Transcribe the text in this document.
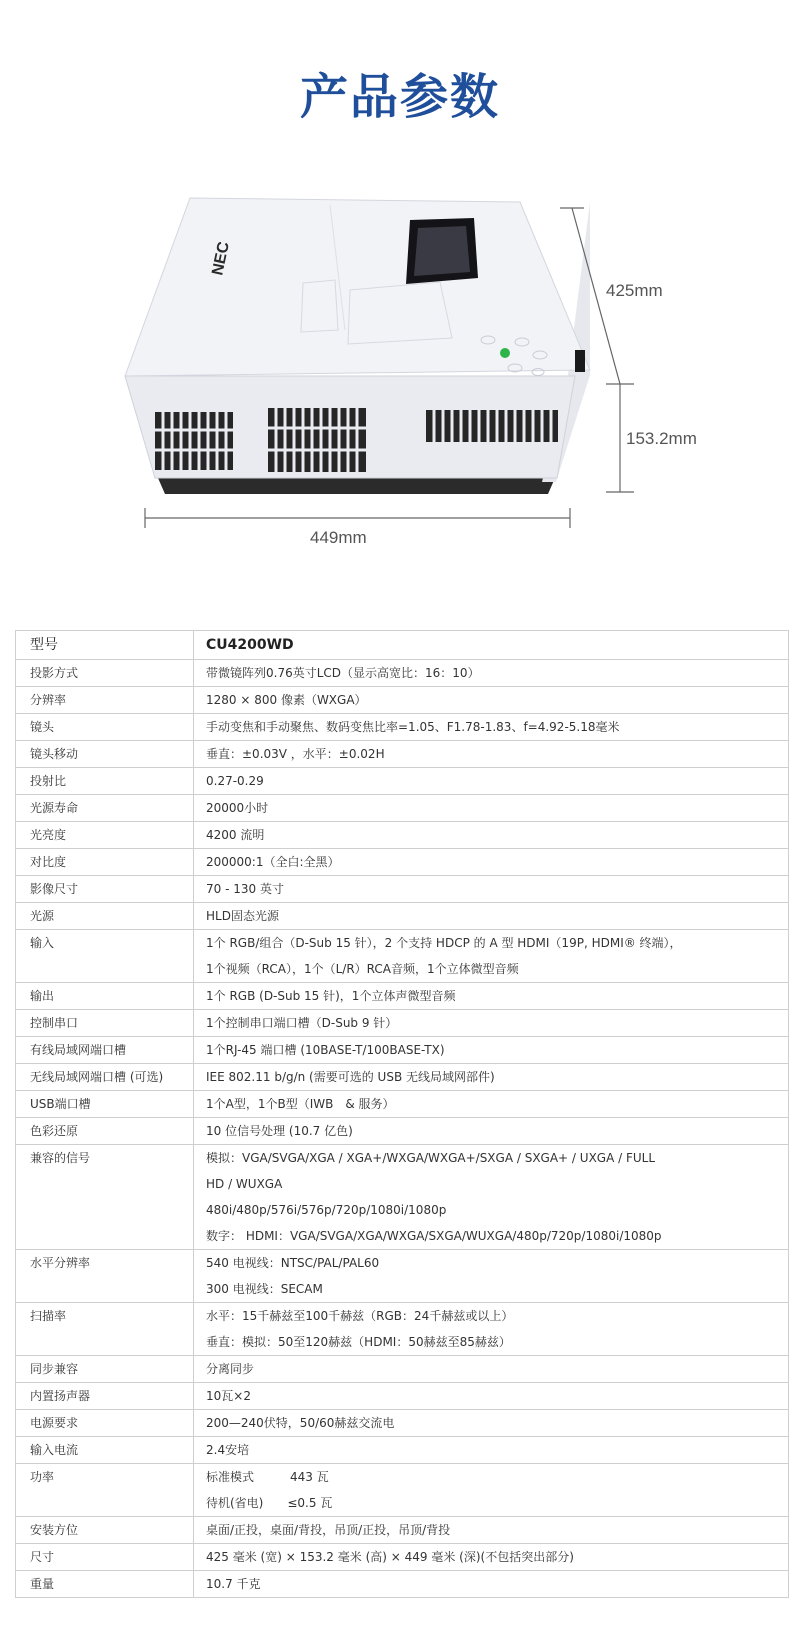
产品参数
NEC
425mm
153.2mm
449mm
型号	CU4200WD
投影方式	带微镜阵列0.76英寸LCD（显示高宽比：16：10）

分辨率	1280 × 800 像素（WXGA）

镜头	手动变焦和手动聚焦、数码变焦比率=1.05、F1.78-1.83、f=4.92-5.18毫米

镜头移动	垂直：±0.03V ，水平：±0.02H

投射比	0.27-0.29

光源寿命	20000小时

光亮度	4200 流明

对比度	200000:1（全白:全黑）

影像尺寸	70 - 130 英寸

光源	HLD固态光源

输入	1个 RGB/组合（D-Sub 15 针），2 个支持 HDCP 的 A 型 HDMI（19P, HDMI® 终端），
1个视频（RCA），1个（L/R）RCA音频，1个立体微型音频

输出	1个 RGB (D-Sub 15 针)，1个立体声微型音频

控制串口	1个控制串口端口槽（D-Sub 9 针）

有线局域网端口槽	1个RJ-45 端口槽 (10BASE-T/100BASE-TX)

无线局域网端口槽 (可选)	IEE 802.11 b/g/n (需要可选的 USB 无线局域网部件)

USB端口槽	1个A型，1个B型（IWB　& 服务）

色彩还原	10 位信号处理 (10.7 亿色)

兼容的信号	模拟：VGA/SVGA/XGA / XGA+/WXGA/WXGA+/SXGA / SXGA+ / UXGA / FULL
HD / WUXGA
480i/480p/576i/576p/720p/1080i/1080p
数字： HDMI：VGA/SVGA/XGA/WXGA/SXGA/WUXGA/480p/720p/1080i/1080p

水平分辨率	540 电视线：NTSC/PAL/PAL60
300 电视线：SECAM

扫描率	水平：15千赫兹至100千赫兹（RGB：24千赫兹或以上）
垂直：模拟：50至120赫兹（HDMI：50赫兹至85赫兹）

同步兼容	分离同步

内置扬声器	10瓦×2

电源要求	200—240伏特，50/60赫兹交流电

输入电流	2.4安培

功率	标准模式　　　443 瓦
待机(省电)　　≤0.5 瓦

安装方位	桌面/正投，桌面/背投，吊顶/正投，吊顶/背投

尺寸	425 毫米 (宽) × 153.2 毫米 (高) × 449 毫米 (深)(不包括突出部分)

重量	10.7 千克
